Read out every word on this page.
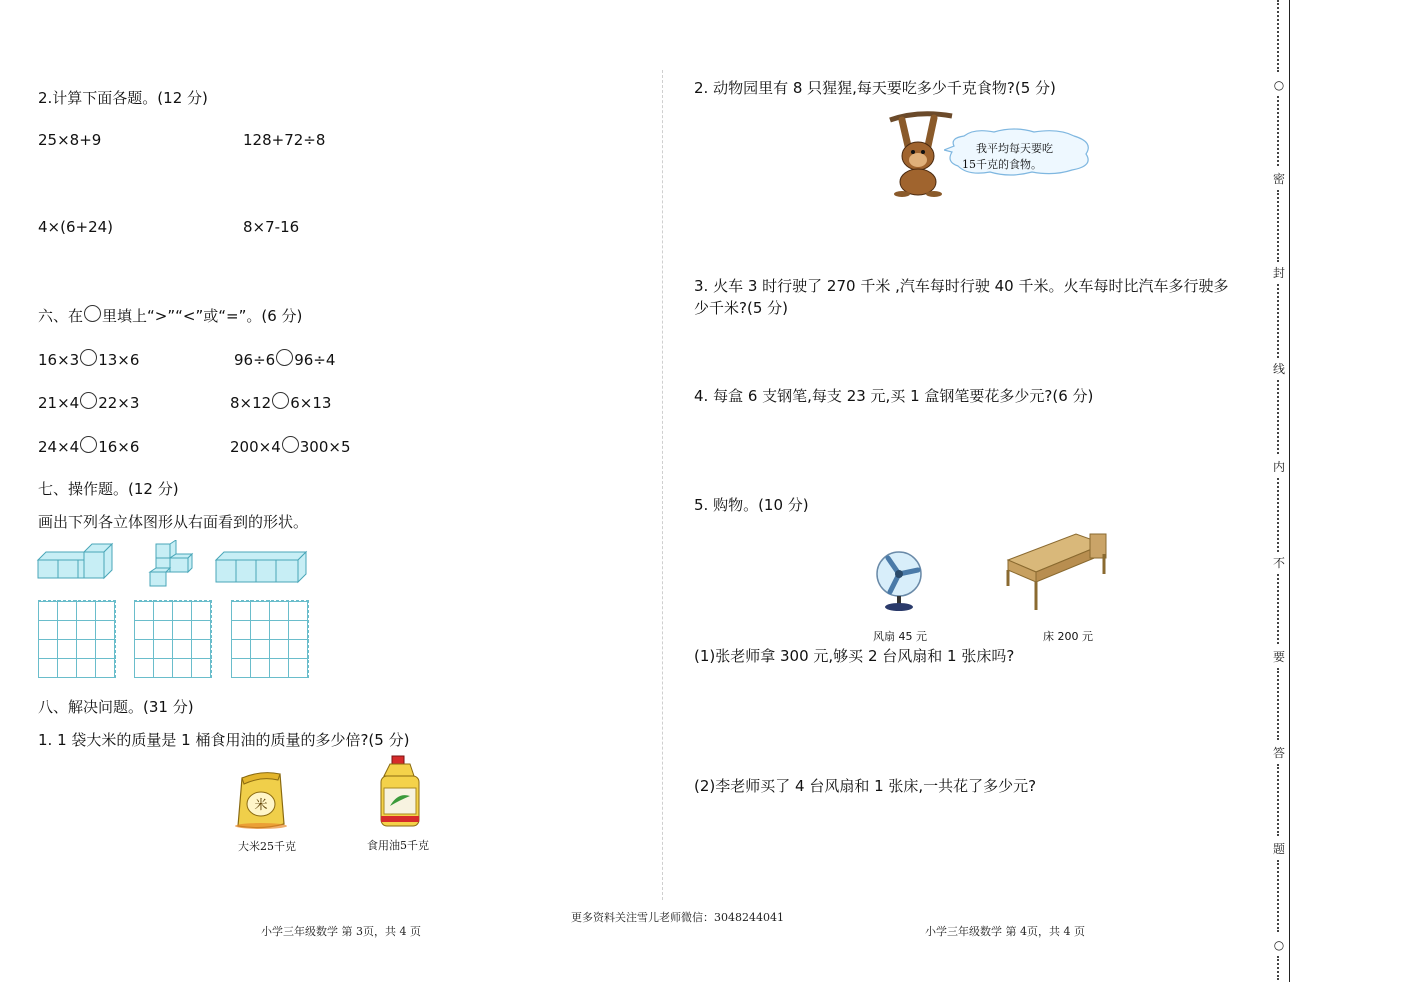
2.计算下面各题。(12 分)
25×8+9	128+72÷8
4×(6+24)	8×7-16
六、在 里填上“>”“<”或“=”。(6 分)
16×3 13×6	96÷6 96÷4
21×4 22×3	8×12 6×13
24×4 16×6	200×4 300×5
七、操作题。(12 分)
画出下列各立体图形从右面看到的形状。
八、解决问题。(31 分)
1. 1 袋大米的质量是 1 桶食用油的质量的多少倍?(5 分)
米
大米25千克	食用油5千克
2. 动物园里有 8 只猩猩,每天要吃多少千克食物?(5 分)
我平均每天要吃
15千克的食物。
3. 火车 3 时行驶了 270 千米 ,汽车每时行驶 40 千米。火车每时比汽车多行驶多
少千米?(5 分)
4. 每盒 6 支钢笔,每支 23 元,买 1 盒钢笔要花多少元?(6 分)
5. 购物。(10 分)
风扇 45 元	床 200 元
(1)张老师拿 300 元,够买 2 台风扇和 1 张床吗?
(2)李老师买了 4 台风扇和 1 张床,一共花了多少元?
更多资料关注雪儿老师微信：3048244041
小学三年级数学 第 3页，共 4 页	小学三年级数学 第 4页，共 4 页
○
密
封
线
内
不
要
答
题
○
